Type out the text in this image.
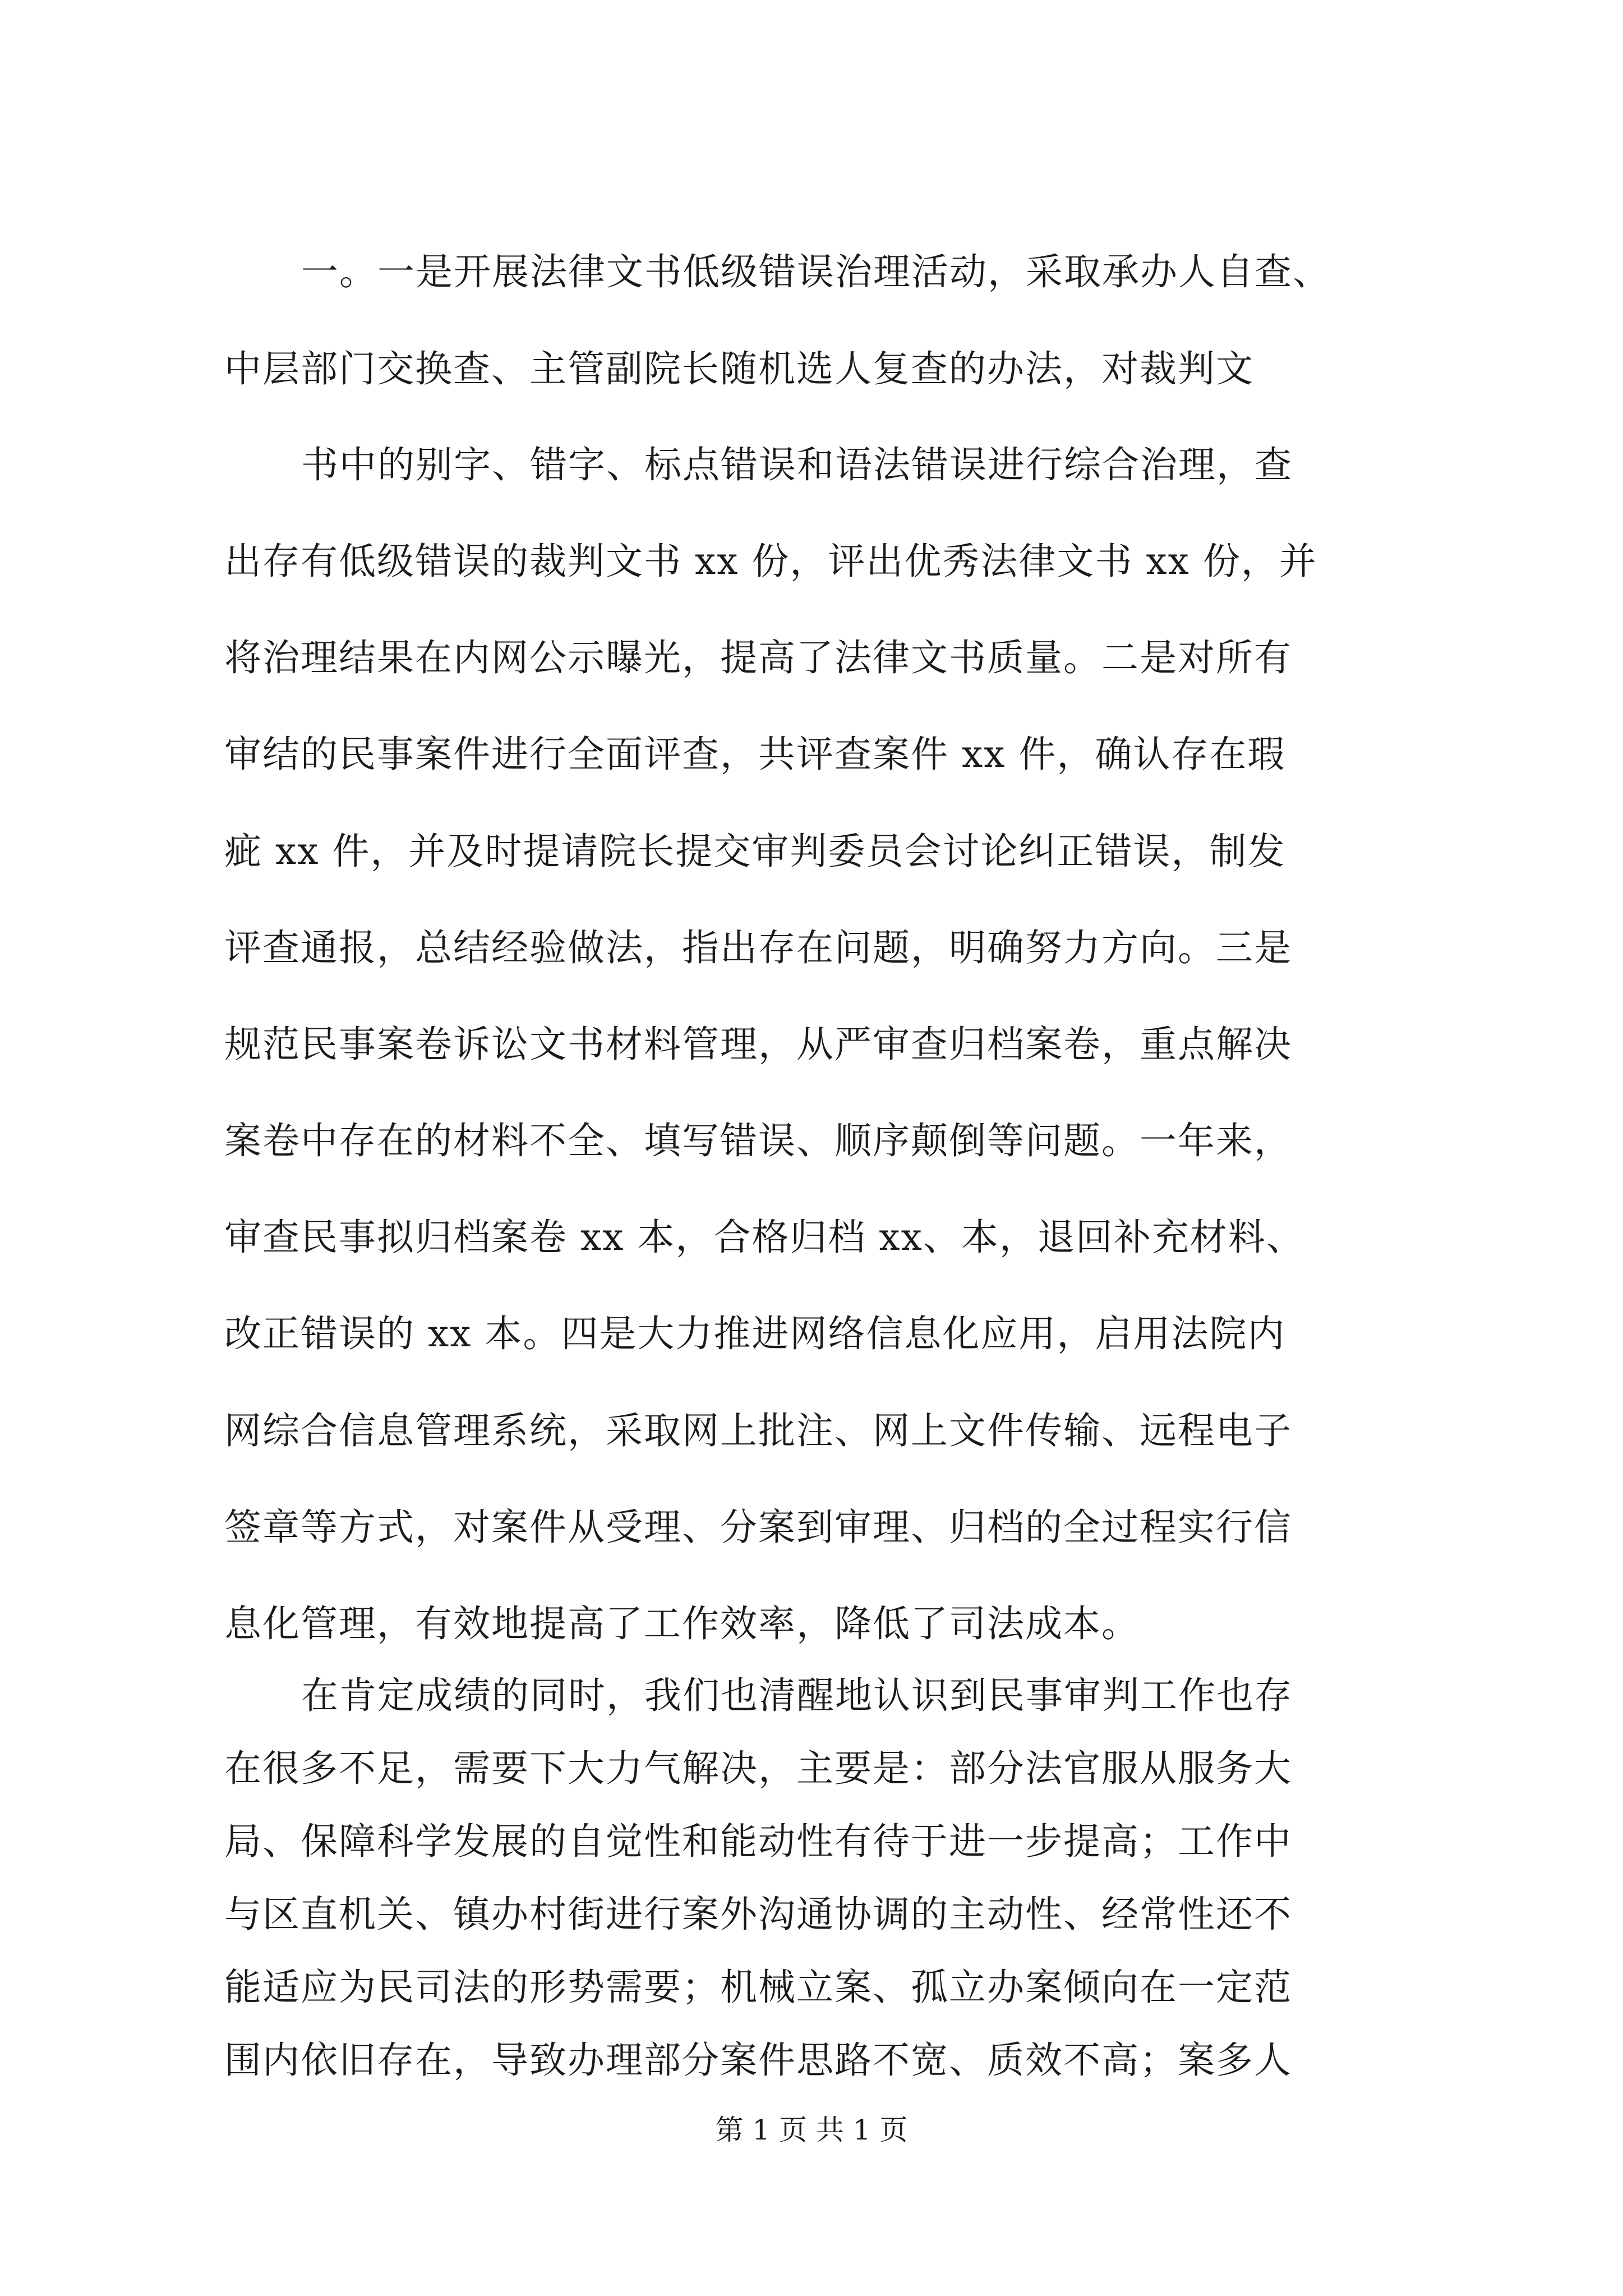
一。一是开展法律文书低级错误治理活动，采取承办人自查、
中层部门交换查、主管副院长随机选人复查的办法，对裁判文
书中的别字、错字、标点错误和语法错误进行综合治理，查
出存有低级错误的裁判文书 xx 份，评出优秀法律文书 xx 份，并
将治理结果在内网公示曝光，提高了法律文书质量。二是对所有
审结的民事案件进行全面评查，共评查案件 xx 件，确认存在瑕
疵 xx 件，并及时提请院长提交审判委员会讨论纠正错误，制发
评查通报，总结经验做法，指出存在问题，明确努力方向。三是
规范民事案卷诉讼文书材料管理，从严审查归档案卷，重点解决
案卷中存在的材料不全、填写错误、顺序颠倒等问题。一年来，
审查民事拟归档案卷 xx 本，合格归档 xx、本，退回补充材料、
改正错误的 xx 本。四是大力推进网络信息化应用，启用法院内
网综合信息管理系统，采取网上批注、网上文件传输、远程电子
签章等方式，对案件从受理、分案到审理、归档的全过程实行信
息化管理，有效地提高了工作效率，降低了司法成本。
在肯定成绩的同时，我们也清醒地认识到民事审判工作也存
在很多不足，需要下大力气解决，主要是：部分法官服从服务大
局、保障科学发展的自觉性和能动性有待于进一步提高；工作中
与区直机关、镇办村街进行案外沟通协调的主动性、经常性还不
能适应为民司法的形势需要；机械立案、孤立办案倾向在一定范
围内依旧存在，导致办理部分案件思路不宽、质效不高；案多人
第 1 页 共 1 页
